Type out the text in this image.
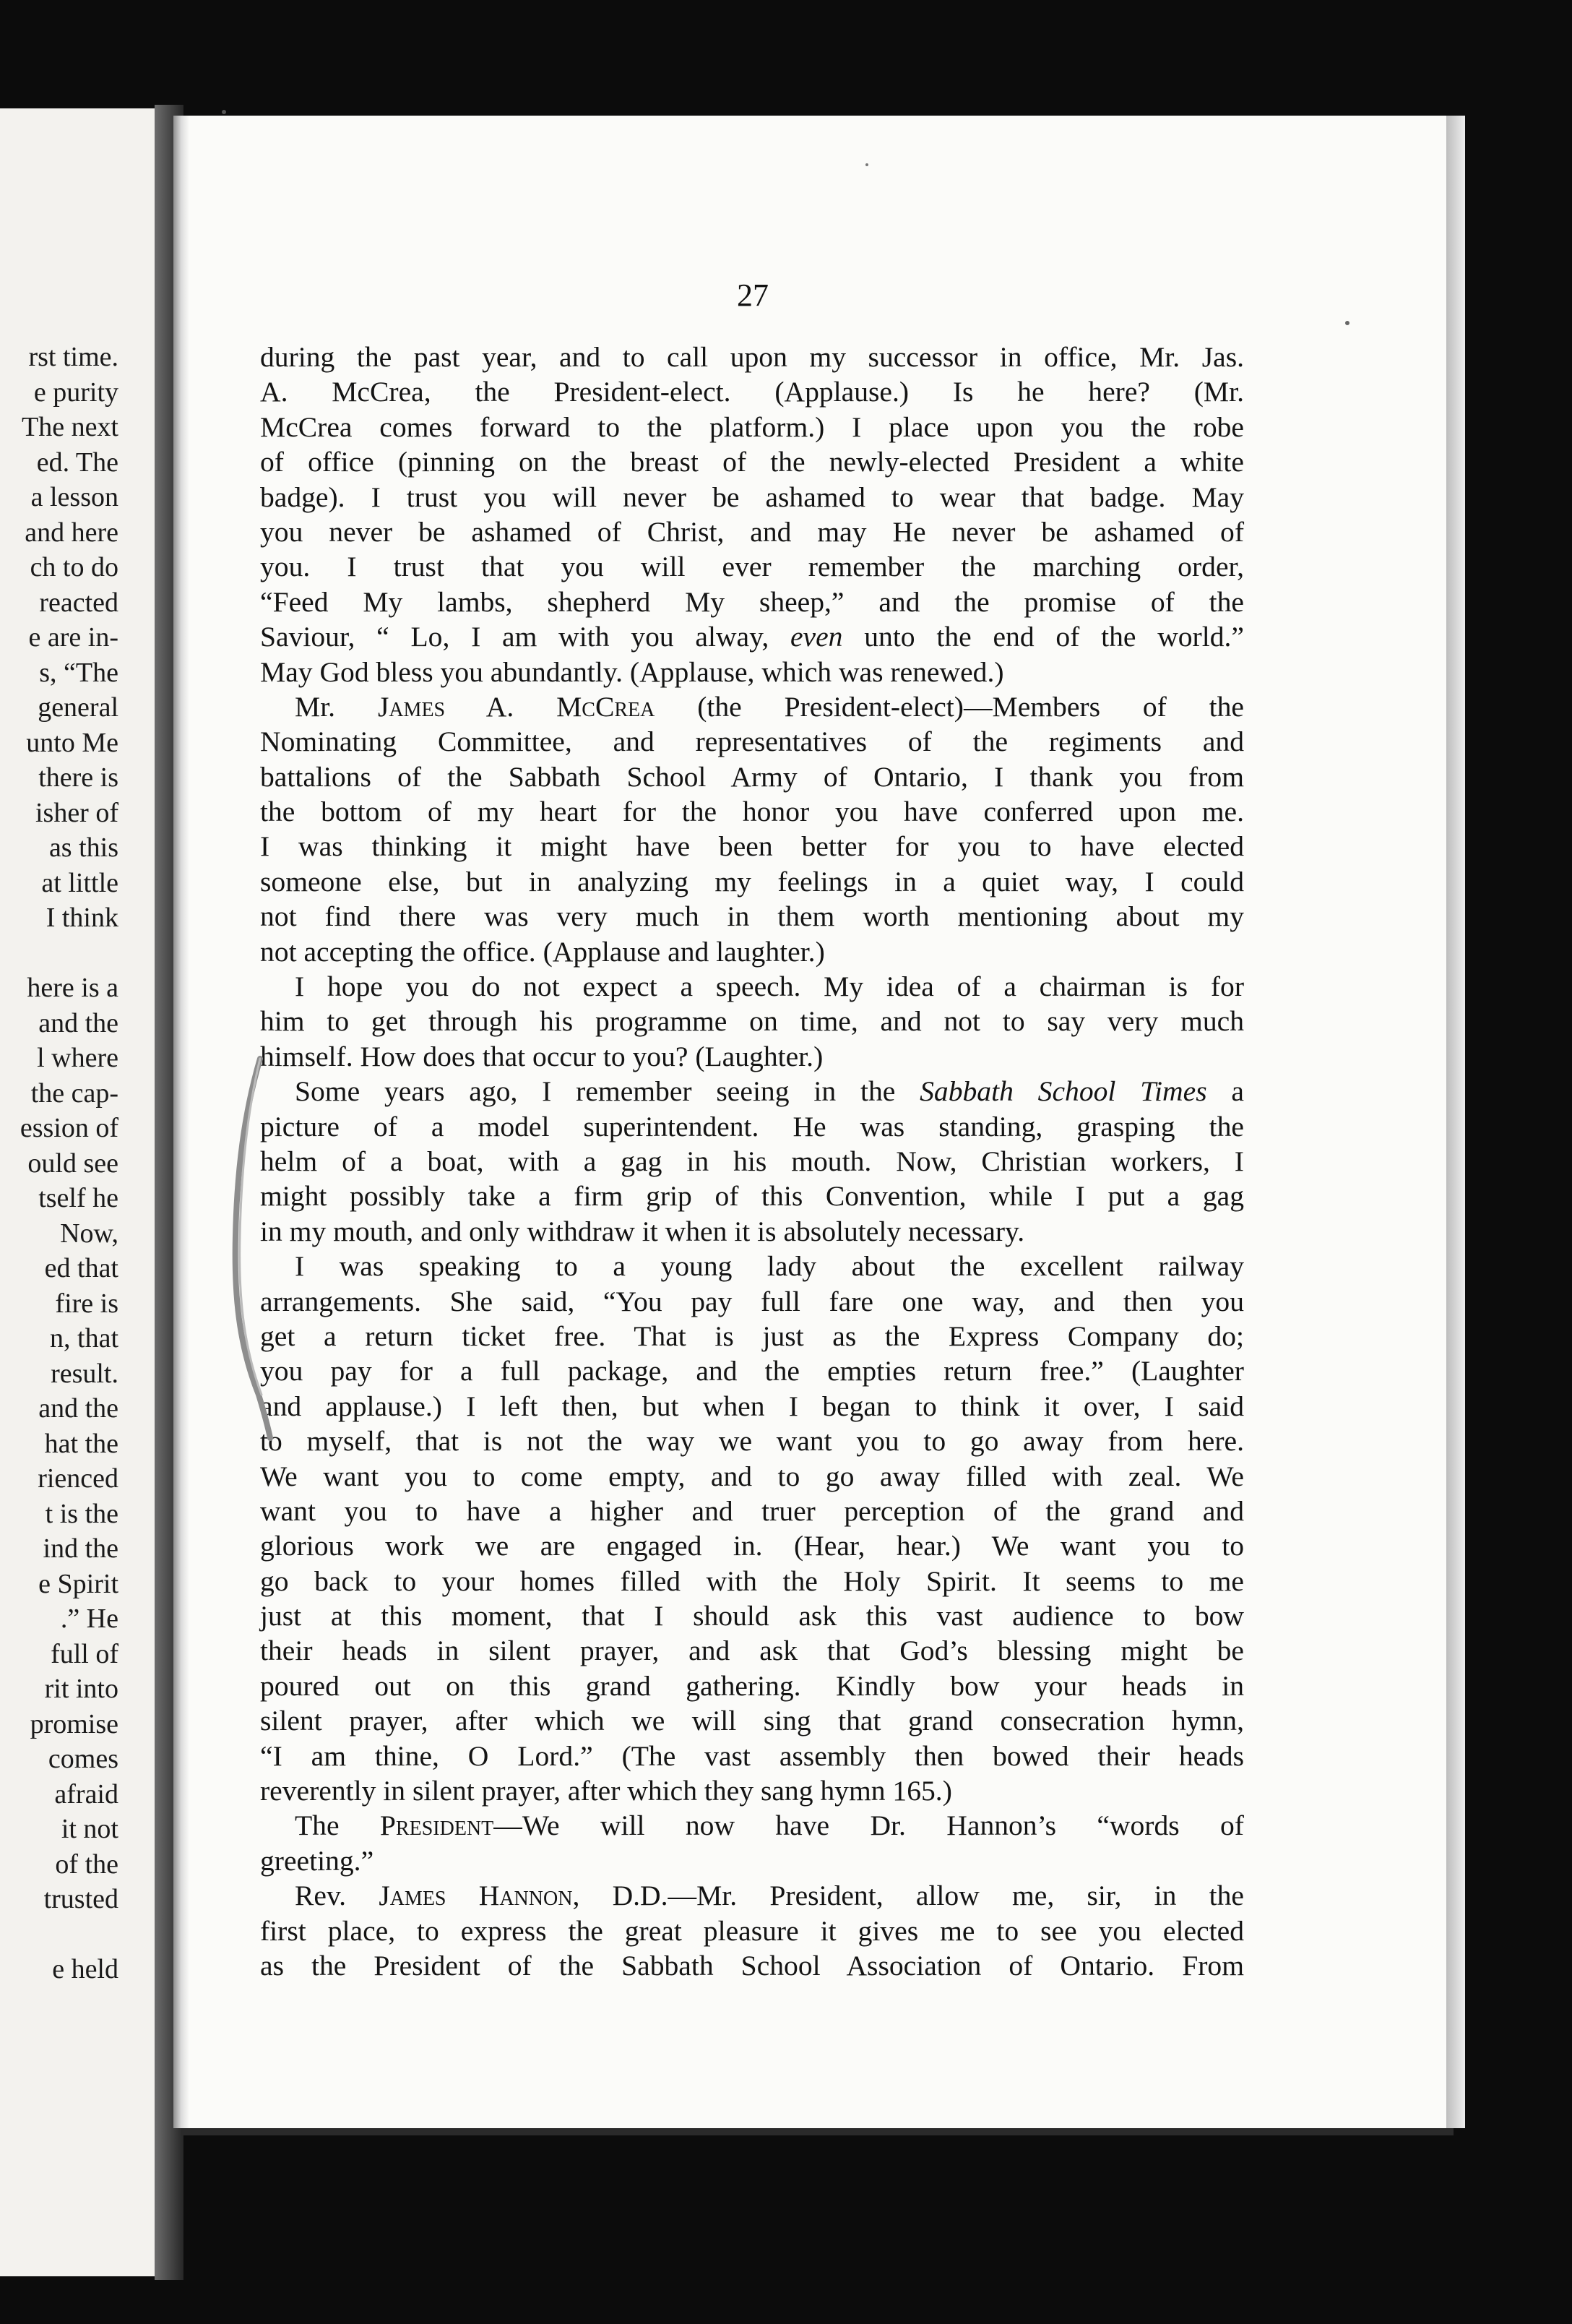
rst time.
e purity
The next
ed. The
a lesson
and here
ch to do
reacted
e are in-
s, “The
general
unto Me
there is
isher of
as this
at little
I think
here is a
and the
l where
the cap-
ession of
ould see
tself he
Now,
ed that
fire is
n, that
result.
and the
hat the
rienced
t is the
ind the
e Spirit
.” He
full of
rit into
promise
comes
afraid
it not
of the
trusted
e held
27
during the past year, and to call upon my successor in office, Mr. Jas.
A. McCrea, the President-elect. (Applause.) Is he here? (Mr.
McCrea comes forward to the platform.) I place upon you the robe
of office (pinning on the breast of the newly-elected President a white
badge). I trust you will never be ashamed to wear that badge. May
you never be ashamed of Christ, and may He never be ashamed of
you. I trust that you will ever remember the marching order,
“Feed My lambs, shepherd My sheep,” and the promise of the
Saviour, “ Lo, I am with you alway, even unto the end of the world.”
May God bless you abundantly. (Applause, which was renewed.)
Mr. James A. McCrea (the President-elect)—Members of the
Nominating Committee, and representatives of the regiments and
battalions of the Sabbath School Army of Ontario, I thank you from
the bottom of my heart for the honor you have conferred upon me.
I was thinking it might have been better for you to have elected
someone else, but in analyzing my feelings in a quiet way, I could
not find there was very much in them worth mentioning about my
not accepting the office. (Applause and laughter.)
I hope you do not expect a speech. My idea of a chairman is for
him to get through his programme on time, and not to say very much
himself. How does that occur to you? (Laughter.)
Some years ago, I remember seeing in the Sabbath School Times a
picture of a model superintendent. He was standing, grasping the
helm of a boat, with a gag in his mouth. Now, Christian workers, I
might possibly take a firm grip of this Convention, while I put a gag
in my mouth, and only withdraw it when it is absolutely necessary.
I was speaking to a young lady about the excellent railway
arrangements. She said, “You pay full fare one way, and then you
get a return ticket free. That is just as the Express Company do;
you pay for a full package, and the empties return free.” (Laughter
and applause.) I left then, but when I began to think it over, I said
to myself, that is not the way we want you to go away from here.
We want you to come empty, and to go away filled with zeal. We
want you to have a higher and truer perception of the grand and
glorious work we are engaged in. (Hear, hear.) We want you to
go back to your homes filled with the Holy Spirit. It seems to me
just at this moment, that I should ask this vast audience to bow
their heads in silent prayer, and ask that God’s blessing might be
poured out on this grand gathering. Kindly bow your heads in
silent prayer, after which we will sing that grand consecration hymn,
“I am thine, O Lord.” (The vast assembly then bowed their heads
reverently in silent prayer, after which they sang hymn 165.)
The President—We will now have Dr. Hannon’s “words of
greeting.”
Rev. James Hannon, D.D.—Mr. President, allow me, sir, in the
first place, to express the great pleasure it gives me to see you elected
as the President of the Sabbath School Association of Ontario. From
